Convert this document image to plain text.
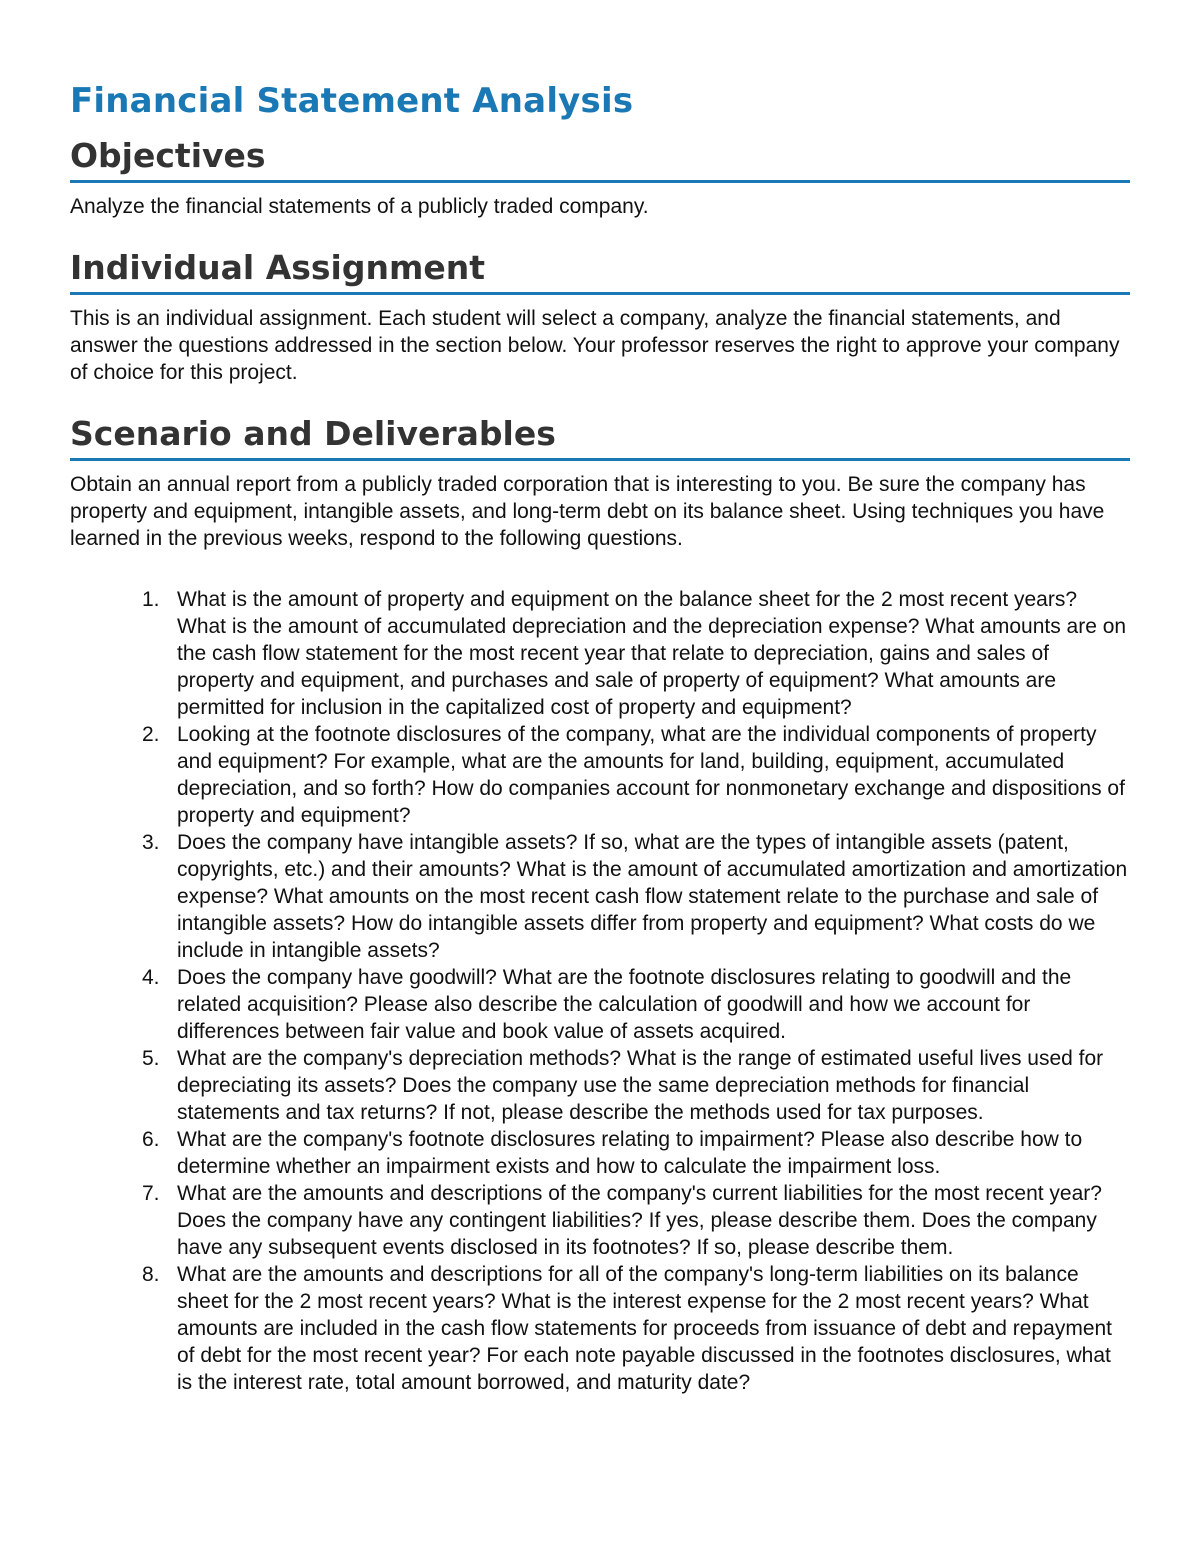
Financial Statement Analysis
Objectives

Analyze the financial statements of a publicly traded company.

Individual Assignment

This is an individual assignment. Each student will select a company, analyze the financial statements, and answer the questions addressed in the section below. Your professor reserves the right to approve your company of choice for this project.

Scenario and Deliverables

Obtain an annual report from a publicly traded corporation that is interesting to you. Be sure the company has property and equipment, intangible assets, and long-term debt on its balance sheet. Using techniques you have learned in the previous weeks, respond to the following questions.

1. What is the amount of property and equipment on the balance sheet for the 2 most recent years? What is the amount of accumulated depreciation and the depreciation expense? What amounts are on the cash flow statement for the most recent year that relate to depreciation, gains and sales of property and equipment, and purchases and sale of property of equipment? What amounts are permitted for inclusion in the capitalized cost of property and equipment?
2. Looking at the footnote disclosures of the company, what are the individual components of property and equipment? For example, what are the amounts for land, building, equipment, accumulated depreciation, and so forth? How do companies account for nonmonetary exchange and dispositions of property and equipment?
3. Does the company have intangible assets? If so, what are the types of intangible assets (patent, copyrights, etc.) and their amounts? What is the amount of accumulated amortization and amortization expense? What amounts on the most recent cash flow statement relate to the purchase and sale of intangible assets? How do intangible assets differ from property and equipment? What costs do we include in intangible assets?
4. Does the company have goodwill? What are the footnote disclosures relating to goodwill and the related acquisition? Please also describe the calculation of goodwill and how we account for differences between fair value and book value of assets acquired.
5. What are the company's depreciation methods? What is the range of estimated useful lives used for depreciating its assets? Does the company use the same depreciation methods for financial statements and tax returns? If not, please describe the methods used for tax purposes.
6. What are the company's footnote disclosures relating to impairment? Please also describe how to determine whether an impairment exists and how to calculate the impairment loss.
7. What are the amounts and descriptions of the company's current liabilities for the most recent year? Does the company have any contingent liabilities? If yes, please describe them. Does the company have any subsequent events disclosed in its footnotes? If so, please describe them.
8. What are the amounts and descriptions for all of the company's long-term liabilities on its balance sheet for the 2 most recent years? What is the interest expense for the 2 most recent years? What amounts are included in the cash flow statements for proceeds from issuance of debt and repayment of debt for the most recent year? For each note payable discussed in the footnotes disclosures, what is the interest rate, total amount borrowed, and maturity date?
